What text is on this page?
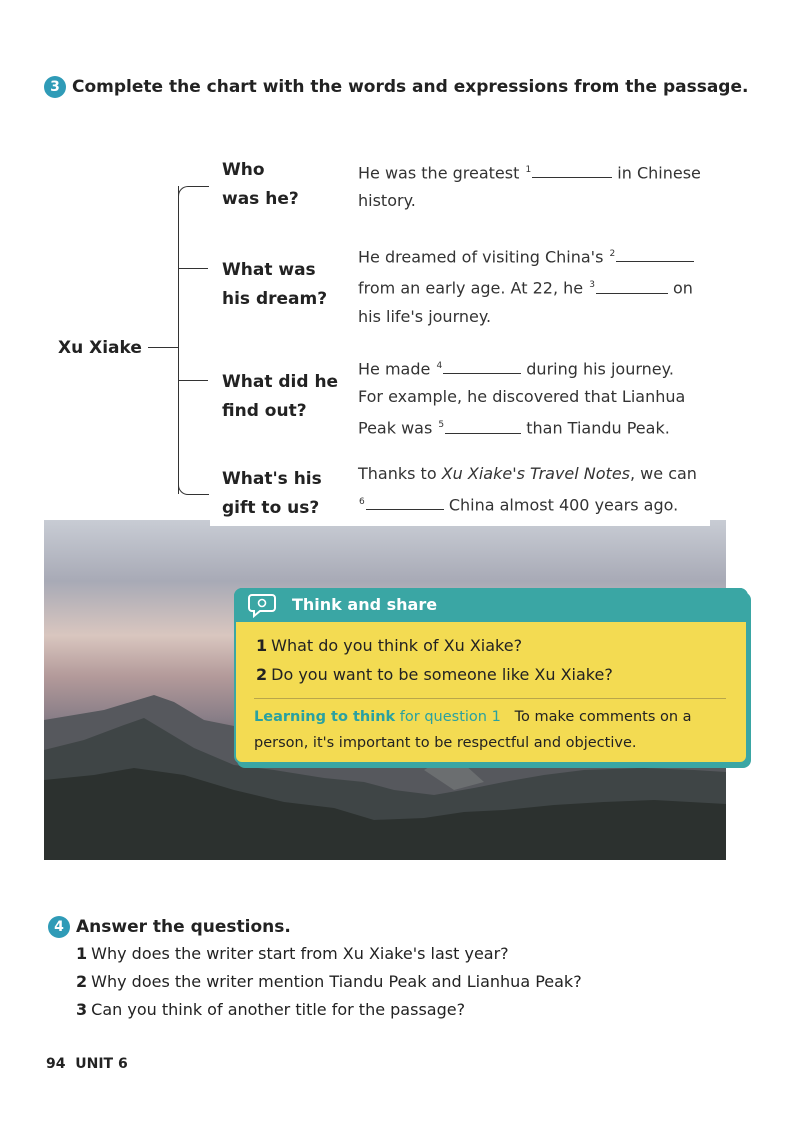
3 Complete the chart with the words and expressions from the passage.
Xu Xiake
Who
was he?
He was the greatest $^1$	in Chinese
history.
What was
his dream?
He dreamed of visiting China's $^2$
from an early age. At 22, he $^3$	on
his life's journey.
What did he
find out?
He made $^4$	during his journey.
For example, he discovered that Lianhua
Peak was $^5$	than Tiandu Peak.
What's his
gift to us?
Thanks to Xu Xiake's Travel Notes, we can
$^6$	China almost 400 years ago.
Think and share
1 What do you think of Xu Xiake?
2 Do you want to be someone like Xu Xiake?
Learning to think for question 1 To make comments on a person, it's important to be respectful and objective.
4 Answer the questions.
1 Why does the writer start from Xu Xiake's last year?
2 Why does the writer mention Tiandu Peak and Lianhua Peak?
3 Can you think of another title for the passage?
94 UNIT 6
